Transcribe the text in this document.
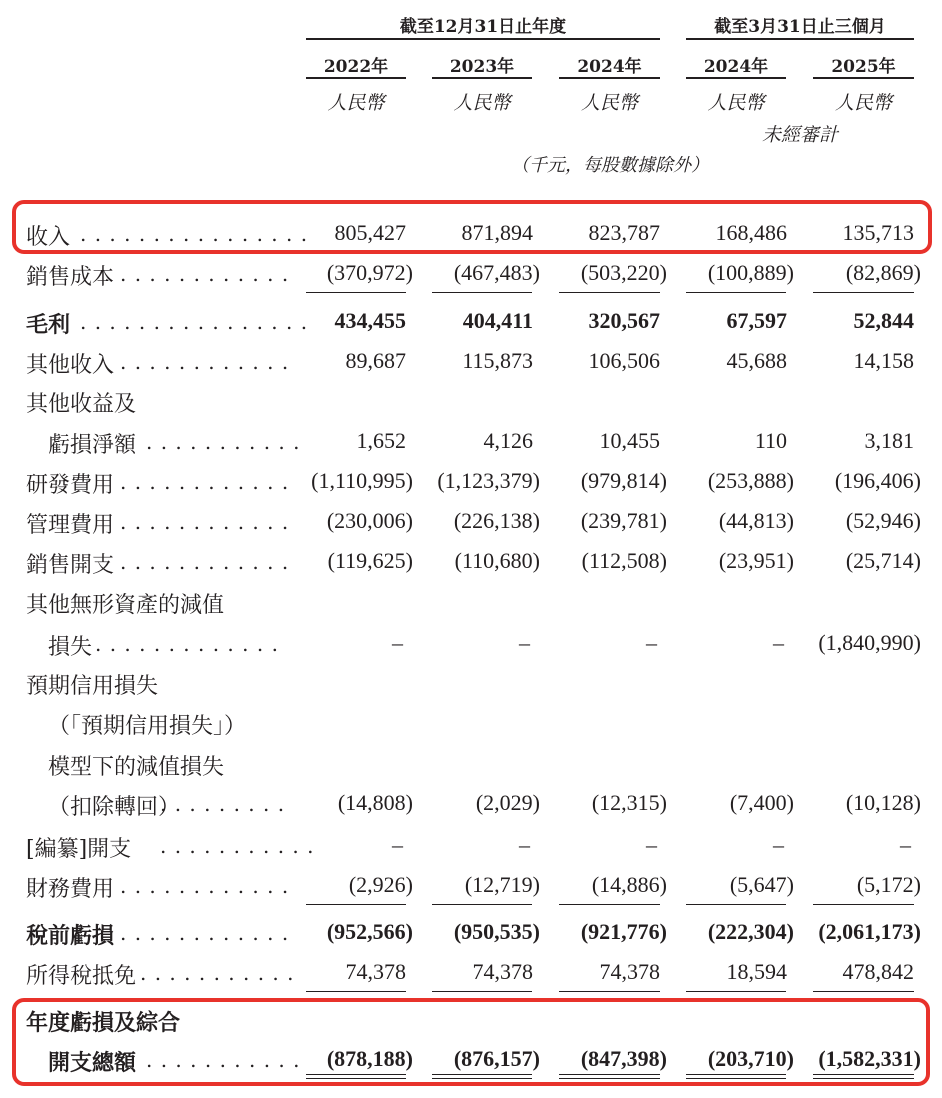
截至12月31日止年度	截至3月31日止三個月
2022年	2023年	2024年	2024年	2025年
人民幣	人民幣	人民幣	人民幣	人民幣
未經審計
（千元，每股數據除外）
收入 . . . . . . . . . . . . . . . . 805,427	871,894	823,787	168,486	135,713
銷售成本 . . . . . . . . . . . . (370,972) (467,483) (503,220) (100,889) (82,869)
毛利 . . . . . . . . . . . . . . . . 434,455	404,411	320,567	67,597	52,844
其他收入 . . . . . . . . . . . .	89,687	115,873	106,506	45,688	14,158
其他收益及
虧損淨額 . . . . . . . . . . .	1,652	4,126	10,455	110	3,181
研發費用 . . . . . . . . . . . . (1,110,995) (1,123,379) (979,814) (253,888) (196,406)
管理費用 . . . . . . . . . . . . (230,006) (226,138) (239,781) (44,813) (52,946)
銷售開支 . . . . . . . . . . . . (119,625) (110,680) (112,508) (23,951) (25,714)
其他無形資產的減值
損失 . . . . . . . . . . . . .	–	–	–	– (1,840,990)
預期信用損失
（「預期信用損失」）
模型下的減值損失
（扣除轉回）
. . . . . . . . . (14,808)	(2,029) (12,315)	(7,400) (10,128)
[編纂]開支 . . . . . . . . . . .	–	–	–	–	–
財務費用 . . . . . . . . . . . .	(2,926) (12,719) (14,886)	(5,647)	(5,172)
稅前虧損 . . . . . . . . . . . . (952,566) (950,535) (921,776) (222,304) (2,061,173)
所得稅抵免 . . . . . . . . . . . 74,378	74,378	74,378	18,594	478,842
年度虧損及綜合
開支總額 . . . . . . . . . . . (878,188) (876,157) (847,398) (203,710) (1,582,331)
